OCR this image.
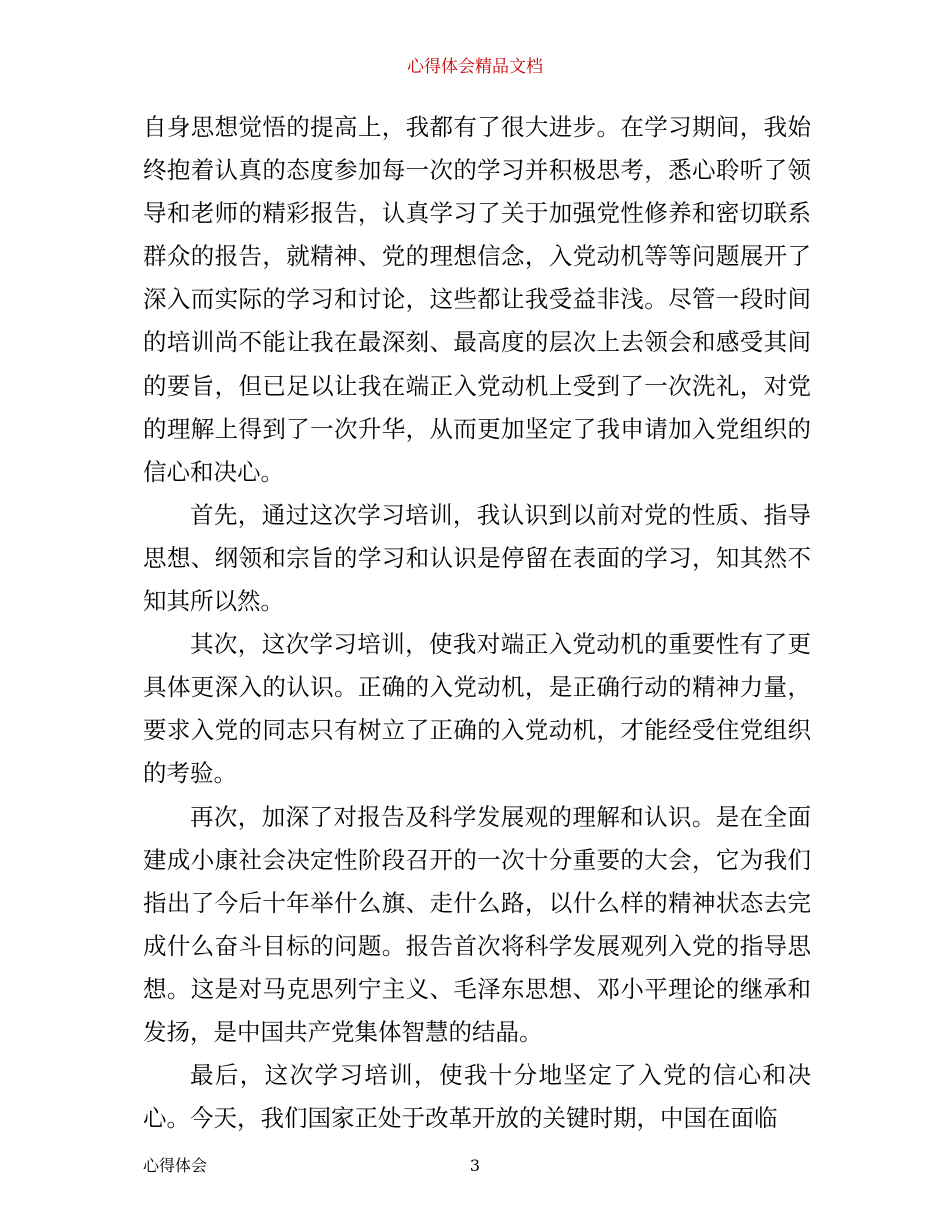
心得体会精品文档

自身思想觉悟的提高上，我都有了很大进步。在学习期间，我始终抱着认真的态度参加每一次的学习并积极思考，悉心聆听了领导和老师的精彩报告，认真学习了关于加强党性修养和密切联系群众的报告，就精神、党的理想信念，入党动机等等问题展开了深入而实际的学习和讨论，这些都让我受益非浅。尽管一段时间的培训尚不能让我在最深刻、最高度的层次上去领会和感受其间的要旨，但已足以让我在端正入党动机上受到了一次洗礼，对党的理解上得到了一次升华，从而更加坚定了我申请加入党组织的信心和决心。

首先，通过这次学习培训，我认识到以前对党的性质、指导思想、纲领和宗旨的学习和认识是停留在表面的学习，知其然不知其所以然。

其次，这次学习培训，使我对端正入党动机的重要性有了更具体更深入的认识。正确的入党动机，是正确行动的精神力量，要求入党的同志只有树立了正确的入党动机，才能经受住党组织的考验。

再次，加深了对报告及科学发展观的理解和认识。是在全面建成小康社会决定性阶段召开的一次十分重要的大会，它为我们指出了今后十年举什么旗、走什么路，以什么样的精神状态去完成什么奋斗目标的问题。报告首次将科学发展观列入党的指导思想。这是对马克思列宁主义、毛泽东思想、邓小平理论的继承和发扬，是中国共产党集体智慧的结晶。

最后，这次学习培训，使我十分地坚定了入党的信心和决心。今天，我们国家正处于改革开放的关键时期，中国在面临

心得体会	3
